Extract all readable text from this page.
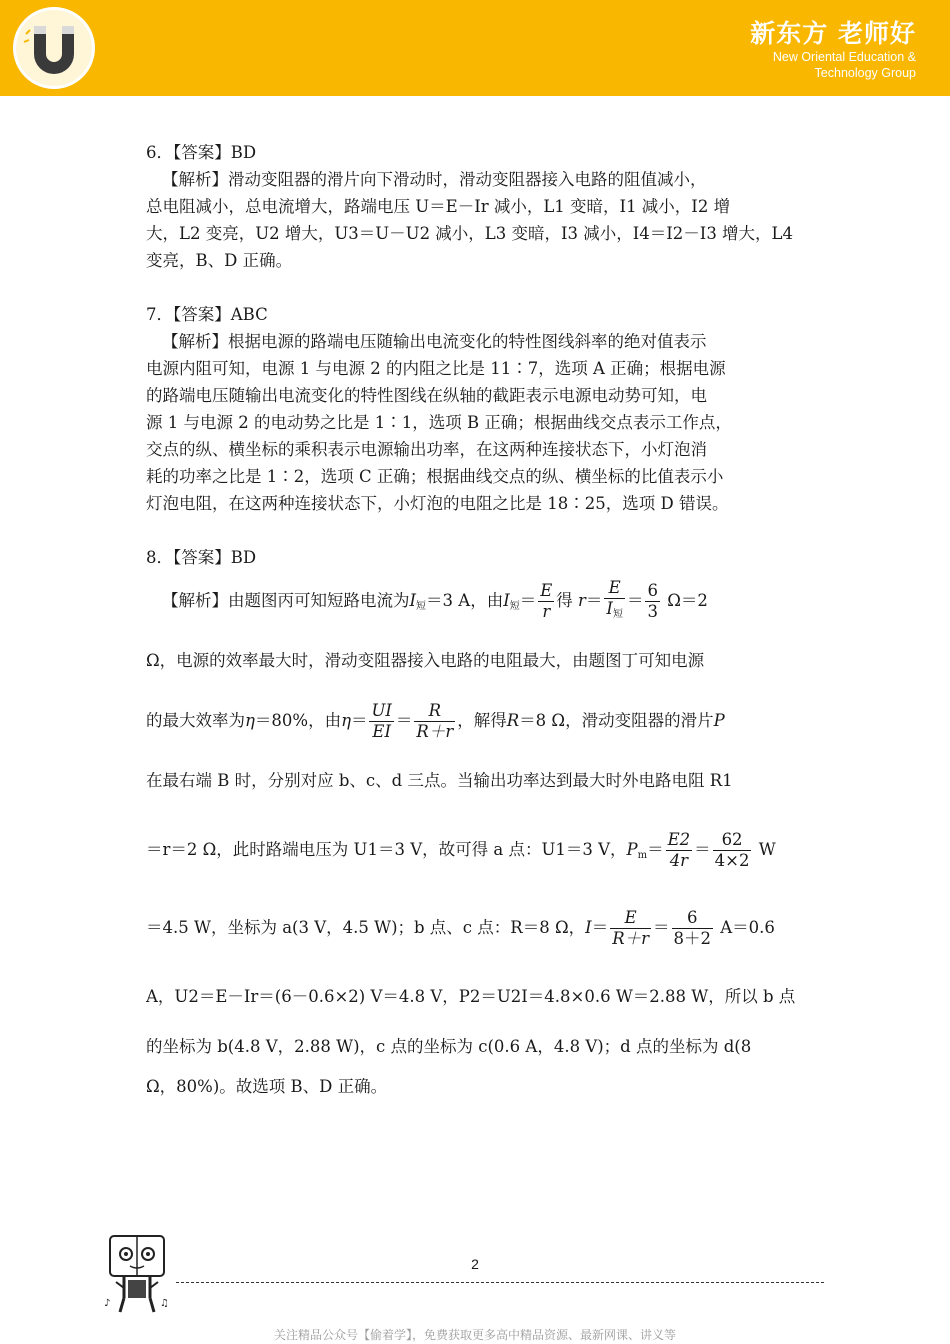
新东方 老师好
New Oriental Education &
Technology Group
6．【答案】BD
【解析】滑动变阻器的滑片向下滑动时，滑动变阻器接入电路的阻值减小，
总电阻减小，总电流增大，路端电压 U＝E－Ir 减小，L1 变暗，I1 减小，I2 增
大，L2 变亮，U2 增大，U3＝U－U2 减小，L3 变暗，I3 减小，I4＝I2－I3 增大，L4
变亮，B、D 正确。
7．【答案】ABC
【解析】根据电源的路端电压随输出电流变化的特性图线斜率的绝对值表示
电源内阻可知，电源 1 与电源 2 的内阻之比是 11∶7，选项 A 正确；根据电源
的路端电压随输出电流变化的特性图线在纵轴的截距表示电源电动势可知，电
源 1 与电源 2 的电动势之比是 1∶1，选项 B 正确；根据曲线交点表示工作点，
交点的纵、横坐标的乘积表示电源输出功率，在这两种连接状态下，小灯泡消
耗的功率之比是 1∶2，选项 C 正确；根据曲线交点的纵、横坐标的比值表示小
灯泡电阻，在这两种连接状态下，小灯泡的电阻之比是 18∶25，选项 D 错误。
8．【答案】BD
【解析】由题图丙可知短路电流为$I_短=3$ A，由$I_短= \frac{E}{r}$ 得 $r= \frac{E}{I_短} = \frac{6}{3} \Omega=2$
Ω，电源的效率最大时，滑动变阻器接入电路的电阻最大，由题图丁可知电源
的最大效率为η＝80%，由$\eta= \frac{UI}{EI} = \frac{R}{R+r}$ ，解得R＝8 Ω，滑动变阻器的滑片P
在最右端 B 时，分别对应 b、c、d 三点。当输出功率达到最大时外电路电阻 R1
＝r＝2 Ω，此时路端电压为 U1＝3 V，故可得 a 点：U1＝3 V，$P_m= \frac{E2}{4r} = \frac{62}{4\times 2}$ W
＝4.5 W，坐标为 a(3 V，4.5 W)；b 点、c 点：R＝8 Ω，$I= \frac{E}{R+r} = \frac{6}{8+2} A=0.6$
A，U2＝E－Ir＝(6－0.6×2) V＝4.8 V，P2＝U2I＝4.8×0.6 W＝2.88 W，所以 b 点
的坐标为 b(4.8 V，2.88 W)，c 点的坐标为 c(0.6 A，4.8 V)；d 点的坐标为 d(8
Ω，80%)。故选项 B、D 正确。
♪	♫
2
关注精品公众号【偷着学】，免费获取更多高中精品资源、最新网课、讲义等
